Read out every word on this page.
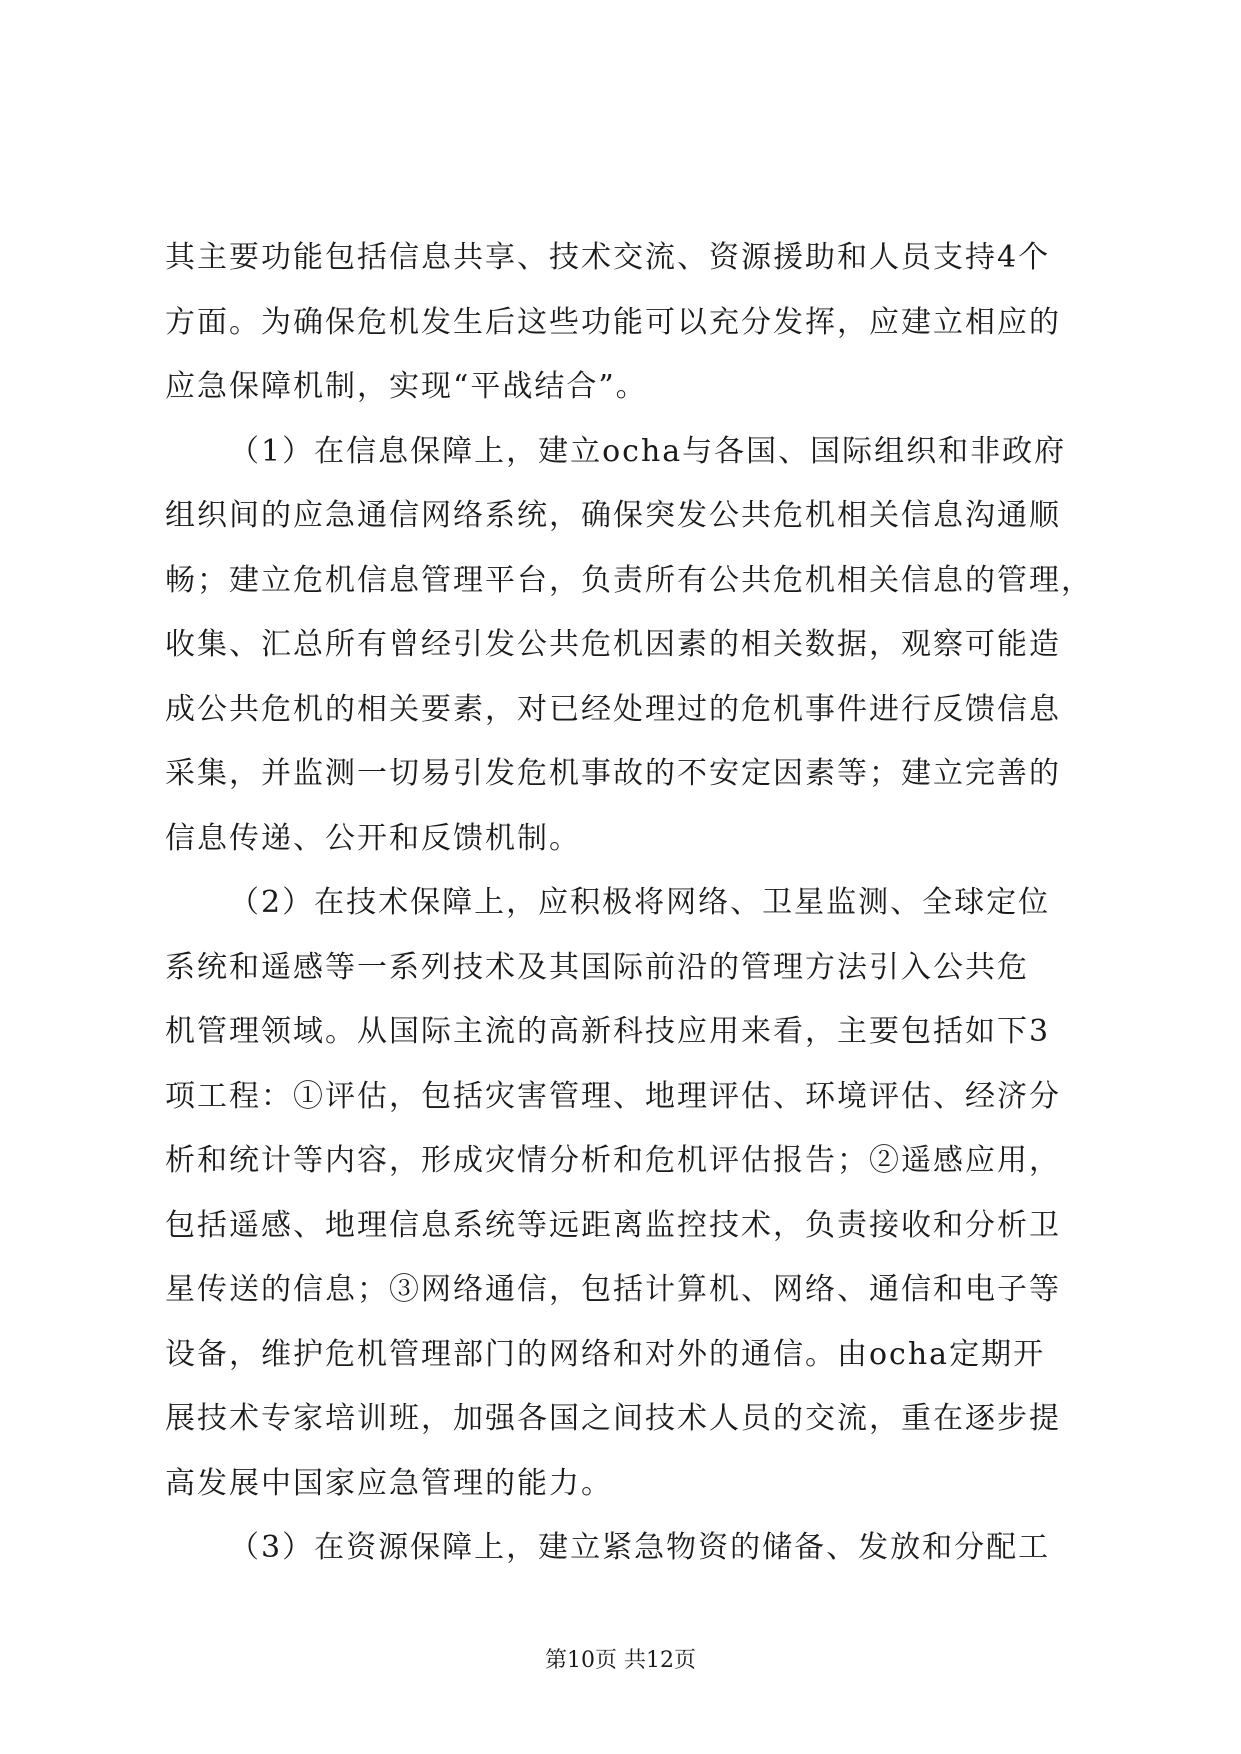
其主要功能包括信息共享、技术交流、资源援助和人员支持4个
方面。为确保危机发生后这些功能可以充分发挥，应建立相应的
应急保障机制，实现“平战结合”。

（1）在信息保障上，建立ocha与各国、国际组织和非政府
组织间的应急通信网络系统，确保突发公共危机相关信息沟通顺
畅；建立危机信息管理平台，负责所有公共危机相关信息的管理，
收集、汇总所有曾经引发公共危机因素的相关数据，观察可能造
成公共危机的相关要素，对已经处理过的危机事件进行反馈信息
采集，并监测一切易引发危机事故的不安定因素等；建立完善的
信息传递、公开和反馈机制。

（2）在技术保障上，应积极将网络、卫星监测、全球定位
系统和遥感等一系列技术及其国际前沿的管理方法引入公共危
机管理领域。从国际主流的高新科技应用来看，主要包括如下3
项工程：①评估，包括灾害管理、地理评估、环境评估、经济分
析和统计等内容，形成灾情分析和危机评估报告；②遥感应用，
包括遥感、地理信息系统等远距离监控技术，负责接收和分析卫
星传送的信息；③网络通信，包括计算机、网络、通信和电子等
设备，维护危机管理部门的网络和对外的通信。由ocha定期开
展技术专家培训班，加强各国之间技术人员的交流，重在逐步提
高发展中国家应急管理的能力。

（3）在资源保障上，建立紧急物资的储备、发放和分配工

第10页 共12页
